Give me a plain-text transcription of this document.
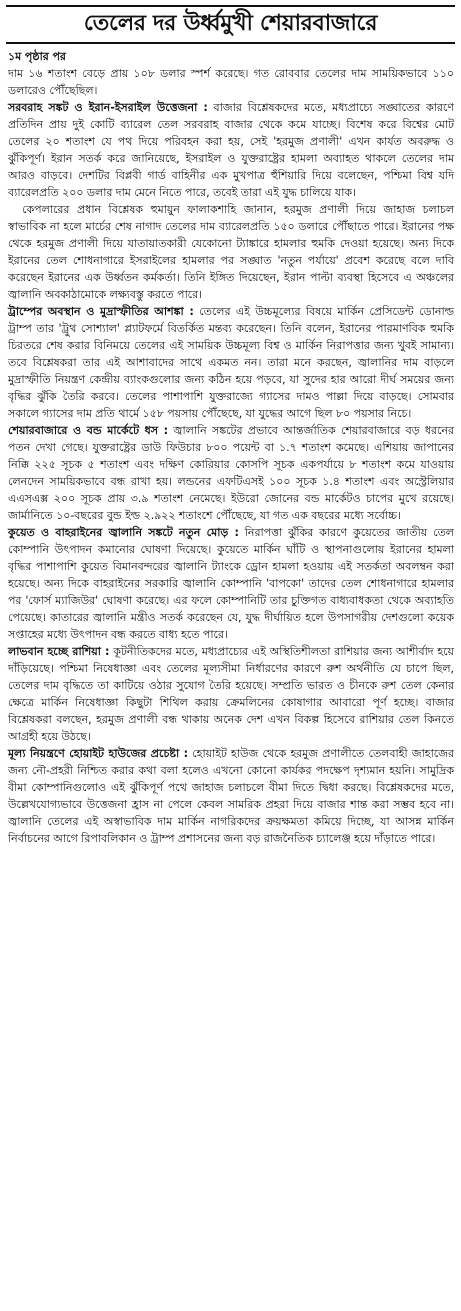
তেলের দর উর্ধ্বমুখী শেয়ারবাজারে

১ম পৃষ্ঠার পর

দাম ১৬ শতাংশ বেড়ে প্রায় ১০৮ ডলার স্পর্শ করেছে। গত রোববার তেলের দাম সাময়িকভাবে ১১০ ডলারেও পৌঁছেছিল।

সরবরাহ সঙ্কট ও ইরান-ইসরাইল উত্তেজনা : বাজার বিশ্লেষকদের মতে, মধ্যপ্রাচ্যে সঙ্ঘাতের কারণে প্রতিদিন প্রায় দুই কোটি ব্যারেল তেল সরবরাহ বাজার থেকে কমে যাচ্ছে। বিশেষ করে বিশ্বের মোট তেলের ২০ শতাংশ যে পথ দিয়ে পরিবহন করা হয়, সেই 'হরমুজ প্রণালী' এখন কার্যত অবরুদ্ধ ও ঝুঁকিপূর্ণ। ইরান সতর্ক করে জানিয়েছে, ইসরাইল ও যুক্তরাষ্ট্রের হামলা অব্যাহত থাকলে তেলের দাম আরও বাড়বে। দেশটির বিপ্লবী গার্ড বাহিনীর এক মুখপাত্র হুঁশিয়ারি দিয়ে বলেছেন, পশ্চিমা বিশ্ব যদি ব্যারেলপ্রতি ২০০ ডলার দাম মেনে নিতে পারে, তবেই তারা এই যুদ্ধ চালিয়ে যাক।

কেপলারের প্রধান বিশ্লেষক হুমায়ুন ফালাকশাহি জানান, হরমুজ প্রণালী দিয়ে জাহাজ চলাচল স্বাভাবিক না হলে মার্চের শেষ নাগাদ তেলের দাম ব্যারেলপ্রতি ১৫০ ডলারে পৌঁছাতে পারে। ইরানের পক্ষ থেকে হরমুজ প্রণালী দিয়ে যাতায়াতকারী যেকোনো ট্যাঙ্কারে হামলার হুমকি দেওয়া হয়েছে। অন্য দিকে ইরানের তেল শোধনাগারে ইসরাইলের হামলার পর সঙ্ঘাত 'নতুন পর্যায়ে' প্রবেশ করেছে বলে দাবি করেছেন ইরানের এক উর্ধ্বতন কর্মকর্তা। তিনি ইঙ্গিত দিয়েছেন, ইরান পাল্টা ব্যবস্থা হিসেবে এ অঞ্চলের জ্বালানি অবকাঠামোকে লক্ষ্যবস্তু করতে পারে।

ট্রাম্পের অবস্থান ও মুদ্রাস্ফীতির আশঙ্কা : তেলের এই উচ্চমূল্যের বিষয়ে মার্কিন প্রেসিডেন্ট ডোনাল্ড ট্রাম্প তার 'ট্রুথ সোশ্যাল' প্ল্যাটফর্মে বিতর্কিত মন্তব্য করেছেন। তিনি বলেন, ইরানের পারমাণবিক হুমকি চিরতরে শেষ করার বিনিময়ে তেলের এই সাময়িক উচ্চমূল্য বিশ্ব ও মার্কিন নিরাপত্তার জন্য খুবই সামান্য। তবে বিশ্লেষকরা তার এই আশাবাদের সাথে একমত নন। তারা মনে করছেন, জ্বালানির দাম বাড়লে মুদ্রাস্ফীতি নিয়ন্ত্রণ কেন্দ্রীয় ব্যাংকগুলোর জন্য কঠিন হয়ে পড়বে, যা সুদের হার আরো দীর্ঘ সময়ের জন্য বৃদ্ধির ঝুঁকি তৈরি করবে। তেলের পাশাপাশি যুক্তরাজ্যে গ্যাসের দামও পাল্লা দিয়ে বাড়ছে। সোমবার সকালে গ্যাসের দাম প্রতি থার্মে ১৫৮ পয়সায় পৌঁছেছে, যা যুদ্ধের আগে ছিল ৮০ পয়সার নিচে।

শেয়ারবাজারে ও বন্ড মার্কেটে ধস : জ্বালানি সঙ্কটের প্রভাবে আন্তর্জাতিক শেয়ারবাজারে বড় ধরনের পতন দেখা গেছে। যুক্তরাষ্ট্রের ডাউ ফিউচার ৮০০ পয়েন্ট বা ১.৭ শতাংশ কমেছে। এশিয়ায় জাপানের নিক্কি ২২৫ সূচক ৫ শতাংশ এবং দক্ষিণ কোরিয়ার কোসপি সূচক একপর্যায়ে ৮ শতাংশ কমে যাওয়ায় লেনদেন সাময়িকভাবে বন্ধ রাখা হয়। লন্ডনের এফটিএসই ১০০ সূচক ১.৪ শতাংশ এবং অস্ট্রেলিয়ার এএসএক্স ২০০ সূচক প্রায় ৩.৯ শতাংশ নেমেছে। ইউরো জোনের বন্ড মার্কেটও চাপের মুখে রয়েছে। জার্মানিতে ১০-বছরের বুন্ড ইল্ড ২.৯২২ শতাংশে পৌঁছেছে, যা গত এক বছরের মধ্যে সর্বোচ্চ।

কুয়েত ও বাহরাইনের জ্বালানি সঙ্কটে নতুন মোড় : নিরাপত্তা ঝুঁকির কারণে কুয়েতের জাতীয় তেল কোম্পানি উৎপাদন কমানোর ঘোষণা দিয়েছে। কুয়েতে মার্কিন ঘাঁটি ও স্থাপনাগুলোয় ইরানের হামলা বৃদ্ধির পাশাপাশি কুয়েত বিমানবন্দরের জ্বালানি ট্যাংকে ড্রোন হামলা হওয়ায় এই সতর্কতা অবলম্বন করা হয়েছে। অন্য দিকে বাহরাইনের সরকারি জ্বালানি কোম্পানি 'বাপকো' তাদের তেল শোধনাগারে হামলার পর 'ফোর্স ম্যাজিউর' ঘোষণা করেছে। এর ফলে কোম্পানিটি তার চুক্তিগত বাধ্যবাধকতা থেকে অব্যাহতি পেয়েছে। কাতারের জ্বালানি মন্ত্রীও সতর্ক করেছেন যে, যুদ্ধ দীর্ঘায়িত হলে উপসাগরীয় দেশগুলো কয়েক সপ্তাহের মধ্যে উৎপাদন বন্ধ করতে বাধ্য হতে পারে।

লাভবান হচ্ছে রাশিয়া : কূটনীতিকদের মতে, মধ্যপ্রাচ্যের এই অস্থিতিশীলতা রাশিয়ার জন্য আশীর্বাদ হয়ে দাঁড়িয়েছে। পশ্চিমা নিষেধাজ্ঞা এবং তেলের মূল্যসীমা নির্ধারণের কারণে রুশ অর্থনীতি যে চাপে ছিল, তেলের দাম বৃদ্ধিতে তা কাটিয়ে ওঠার সুযোগ তৈরি হয়েছে। সম্প্রতি ভারত ও চীনকে রুশ তেল কেনার ক্ষেত্রে মার্কিন নিষেধাজ্ঞা কিছুটা শিথিল করায় ক্রেমলিনের কোষাগার আবারো পূর্ণ হচ্ছে। বাজার বিশ্লেষকরা বলছেন, হরমুজ প্রণালী বন্ধ থাকায় অনেক দেশ এখন বিকল্প হিসেবে রাশিয়ার তেল কিনতে আগ্রহী হয়ে উঠছে।

মূল্য নিয়ন্ত্রণে হোয়াইট হাউজের প্রচেষ্টা : হোয়াইট হাউজ থেকে হরমুজ প্রণালীতে তেলবাহী জাহাজের জন্য নৌ-প্রহরী নিশ্চিত করার কথা বলা হলেও এখনো কোনো কার্যকর পদক্ষেপ দৃশ্যমান হয়নি। সামুদ্রিক বীমা কোম্পানিগুলোও এই ঝুঁকিপূর্ণ পথে জাহাজ চলাচলে বীমা দিতে দ্বিধা করছে। বিশ্লেষকদের মতে, উল্লেখযোগ্যভাবে উত্তেজনা হ্রাস না পেলে কেবল সামরিক প্রহরা দিয়ে বাজার শান্ত করা সম্ভব হবে না। জ্বালানি তেলের এই অস্বাভাবিক দাম মার্কিন নাগরিকদের ক্রয়ক্ষমতা কমিয়ে দিচ্ছে, যা আসন্ন মার্কিন নির্বাচনের আগে রিপাবলিকান ও ট্রাম্প প্রশাসনের জন্য বড় রাজনৈতিক চ্যালেঞ্জ হয়ে দাঁড়াতে পারে।
